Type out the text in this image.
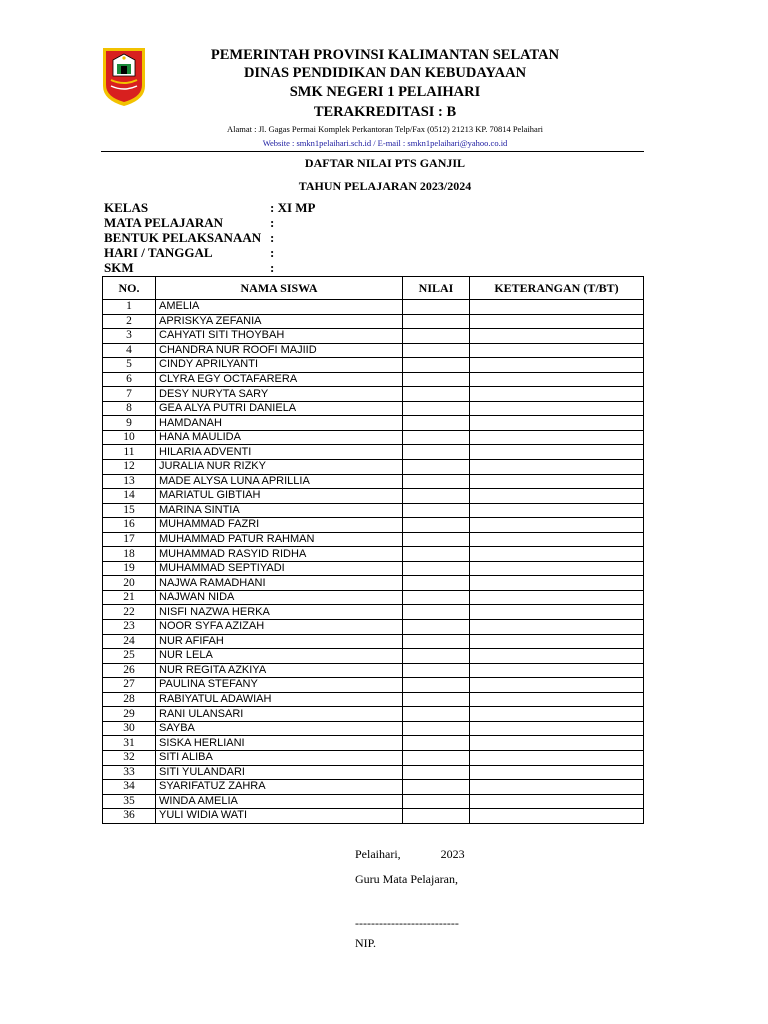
PEMERINTAH PROVINSI KALIMANTAN SELATAN
DINAS PENDIDIKAN DAN KEBUDAYAAN
SMK NEGERI 1 PELAIHARI
TERAKREDITASI : B
Alamat : Jl. Gagas Permai Komplek Perkantoran Telp/Fax (0512) 21213 KP. 70814 Pelaihari
Website : smkn1pelaihari.sch.id / E-mail : smkn1pelaihari@yahoo.co.id
DAFTAR NILAI PTS GANJIL
TAHUN PELAJARAN 2023/2024
KELAS	: XI MP
MATA PELAJARAN	:
BENTUK PELAKSANAAN :
HARI / TANGGAL	:
SKM	:
NO.	NAMA SISWA	NILAI	KETERANGAN (T/BT)
1	AMELIA		
2	APRISKYA ZEFANIA		
3	CAHYATI SITI THOYBAH		
4	CHANDRA NUR ROOFI MAJIID		
5	CINDY APRILYANTI		
6	CLYRA EGY OCTAFARERA		
7	DESY NURYTA SARY		
8	GEA ALYA PUTRI DANIELA		
9	HAMDANAH		
10	HANA MAULIDA		
11	HILARIA ADVENTI		
12	JURALIA NUR RIZKY		
13	MADE ALYSA LUNA APRILLIA		
14	MARIATUL GIBTIAH		
15	MARINA SINTIA		
16	MUHAMMAD FAZRI		
17	MUHAMMAD PATUR RAHMAN		
18	MUHAMMAD RASYID RIDHA		
19	MUHAMMAD SEPTIYADI		
20	NAJWA RAMADHANI		
21	NAJWAN NIDA		
22	NISFI NAZWA HERKA		
23	NOOR SYFA AZIZAH		
24	NUR AFIFAH		
25	NUR LELA		
26	NUR REGITA AZKIYA		
27	PAULINA STEFANY		
28	RABIYATUL ADAWIAH		
29	RANI ULANSARI		
30	SAYBA		
31	SISKA HERLIANI		
32	SITI ALIBA		
33	SITI YULANDARI		
34	SYARIFATUZ ZAHRA		
35	WINDA AMELIA		
36	YULI WIDIA WATI		
Pelaihari,	2023
Guru Mata Pelajaran,
--------------------------
NIP.
